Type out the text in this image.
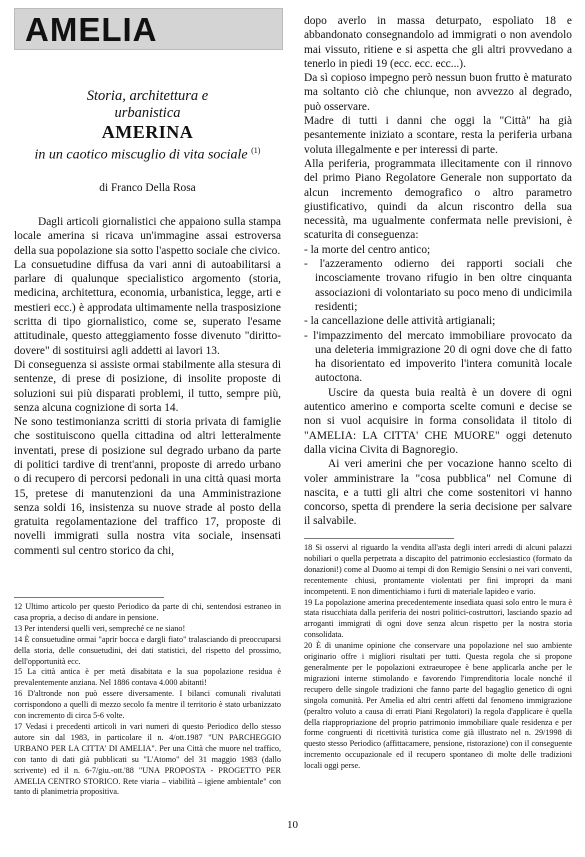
AMELIA
Storia, architettura e
urbanistica
AMERINA
in un caotico miscuglio di vita sociale $^{(1)}$
di Franco Della Rosa

Dagli articoli giornalistici che appaiono sulla stampa locale amerina si ricava un'immagine assai estroversa della sua popolazione sia sotto l'aspetto sociale che civico.

La consuetudine diffusa da vari anni di autoabilitarsi a parlare di qualunque specialistico argomento (storia, medicina, architettura, economia, urbanistica, legge, arti e mestieri ecc.) è approdata ultimamente nella trasposizione scritta di tipo giornalistico, come se, superato l'esame attitudinale, questo atteggiamento fosse divenuto "diritto-dovere" di sostituirsi agli addetti ai lavori 13.

Di conseguenza si assiste ormai stabilmente alla stesura di sentenze, di prese di posizione, di insolite proposte di soluzioni sui più disparati problemi, il tutto, sempre più, senza alcuna cognizione di sorta 14.

Ne sono testimonianza scritti di storia privata di famiglie che sostituiscono quella cittadina od altri letteralmente inventati, prese di posizione sul degrado urbano da parte di politici tardive di trent'anni, proposte di arredo urbano o di recupero di percorsi pedonali in una città quasi morta 15, pretese di manutenzioni da una Amministrazione senza soldi 16, insistenza su nuove strade al posto della gratuita regolamentazione del traffico 17, proposte di novelli immigrati sulla nostra vita sociale, insensati commenti sul centro storico da chi,

dopo averlo in massa deturpato, espoliato 18 e abbandonato consegnandolo ad immigrati o non avendolo mai vissuto, ritiene e si aspetta che gli altri provvedano a tenerlo in piedi 19 (ecc. ecc. ecc...).

Da sì copioso impegno però nessun buon frutto è maturato ma soltanto ciò che chiunque, non avvezzo al degrado, può osservare.

Madre di tutti i danni che oggi la "Città" ha già pesantemente iniziato a scontare, resta la periferia urbana voluta illegalmente e per interessi di parte.

Alla periferia, programmata illecitamente con il rinnovo del primo Piano Regolatore Generale non supportato da alcun incremento demografico o altro parametro giustificativo, quindi da alcun riscontro della sua necessità, ma ugualmente confermata nelle previsioni, è scaturita di conseguenza:

- la morte del centro antico;

- l'azzeramento odierno dei rapporti sociali che incosciamente trovano rifugio in ben oltre cinquanta associazioni di volontariato su poco meno di undicimila residenti;

- la cancellazione delle attività artigianali;

- l'impazzimento del mercato immobiliare provocato da una deleteria immigrazione 20 di ogni dove che di fatto ha disorientato ed impoverito l'intera comunità locale autoctona.

Uscire da questa buia realtà è un dovere di ogni autentico amerino e comporta scelte comuni e decise se non si vuol acquisire in forma consolidata il titolo di "AMELIA: LA CITTA' CHE MUORE" oggi detenuto dalla vicina Civita di Bagnoregio.

Ai veri amerini che per vocazione hanno scelto di voler amministrare la "cosa pubblica" nel Comune di nascita, e a tutti gli altri che come sostenitori vi hanno concorso, spetta di prendere la seria decisione per salvare il salvabile.

18 Si osservi al riguardo la vendita all'asta degli interi arredi di alcuni palazzi nobiliari o quella perpetrata a discapito del patrimonio ecclesiastico (formato da donazioni!) come al Duomo ai tempi di don Remigio Sensini o nei vari conventi, recentemente chiusi, prontamente violentati per fini impropri da mani incompetenti. E non dimentichiamo i furti di materiale lapideo e vario.

19 La popolazione amerina precedentemente insediata quasi solo entro le mura è stata risucchiata dalla periferia dei nostri politici-costruttori, lasciando spazio ad arroganti immigrati di ogni dove senza alcun rispetto per la nostra storia consolidata.

20 È di unanime opinione che conservare una popolazione nel suo ambiente originario offre i migliori risultati per tutti. Questa regola che si propone generalmente per le popolazioni extraeuropee è bene applicarla anche per le migrazioni interne stimolando e favorendo l'imprenditoria locale nonché il recupero delle singole tradizioni che fanno parte del bagaglio genetico di ogni singola comunità. Per Amelia ed altri centri affetti dal fenomeno immigrazione (peraltro voluto a causa di errati Piani Regolatori) la regola d'applicare è quella della riappropriazione del proprio patrimonio immobiliare quale residenza e per forme congruenti di ricettività turistica come già illustrato nel n. 29/1998 di questo stesso Periodico (affittacamere, pensione, ristorazione) con il conseguente incremento occupazionale ed il recupero spontaneo di molte delle tradizioni locali oggi perse.

12 Ultimo articolo per questo Periodico da parte di chi, sentendosi estraneo in casa propria, a deciso di andare in pensione.

13 Per intendersi quelli veri, sempreché ce ne siano!

14 È consuetudine ormai "aprir bocca e dargli fiato" tralasciando di preoccuparsi della storia, delle consuetudini, dei dati statistici, del rispetto del prossimo, dell'opportunità ecc.

15 La città antica è per metà disabitata e la sua popolazione residua è prevalentemente anziana. Nel 1886 contava 4.000 abitanti!

16 D'altronde non può essere diversamente. I bilanci comunali rivalutati corrispondono a quelli di mezzo secolo fa mentre il territorio è stato urbanizzato con incremento di circa 5-6 volte.

17 Vedasi i precedenti articoli in vari numeri di questo Periodico dello stesso autore sin dal 1983, in particolare il n. 4/ott.1987 "UN PARCHEGGIO URBANO PER LA CITTA' DI AMELIA". Per una Città che muore nel traffico, con tanto di dati già pubblicati su "L'Atomo" del 31 maggio 1983 (dallo scrivente) ed il n. 6-7/giu.-ott.'88 "UNA PROPOSTA - PROGETTO PER AMELIA CENTRO STORICO. Rete viaria – viabilità – igiene ambientale" con tanto di planimetria propositiva.

10
